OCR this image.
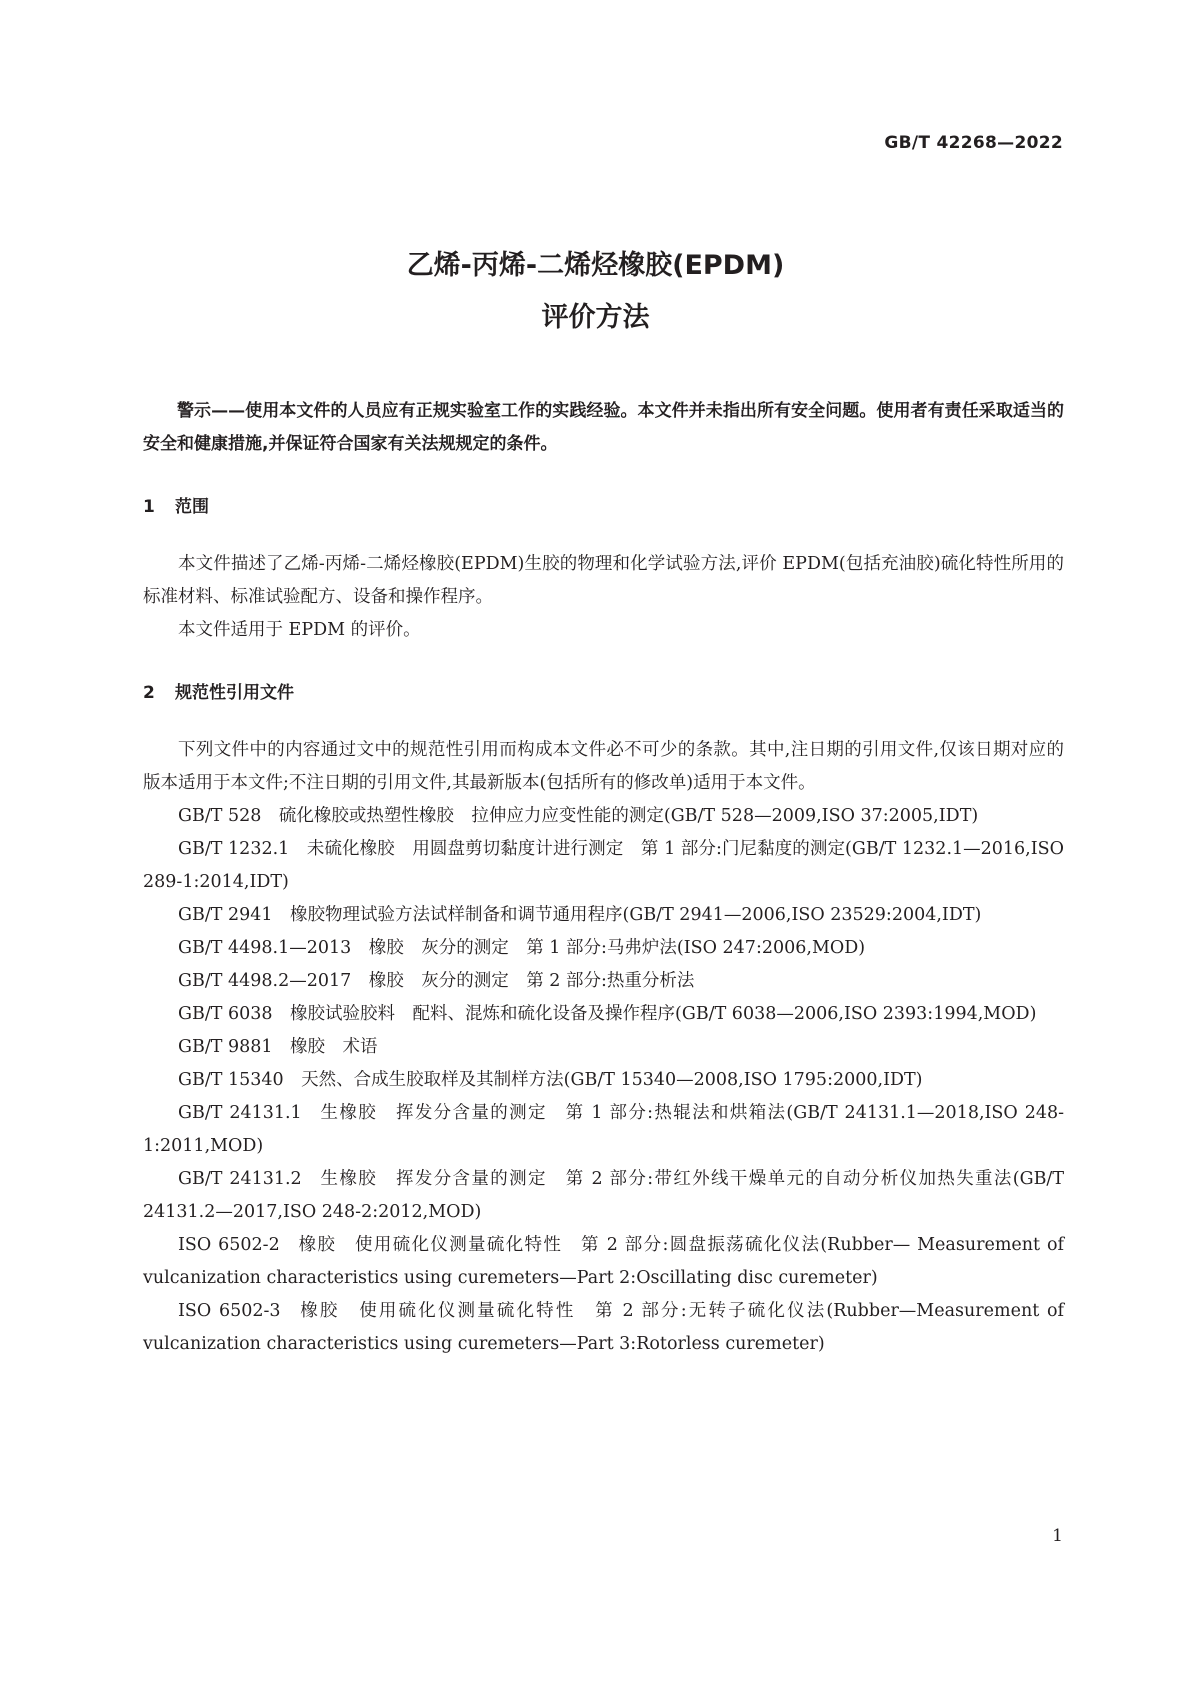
GB/T 42268—2022
乙烯-丙烯-二烯烃橡胶(EPDM)
评价方法
警示——使用本文件的人员应有正规实验室工作的实践经验。本文件并未指出所有安全问题。使用者有责任采取适当的安全和健康措施,并保证符合国家有关法规规定的条件。
1 范围
本文件描述了乙烯-丙烯-二烯烃橡胶(EPDM)生胶的物理和化学试验方法,评价 EPDM(包括充油胶)硫化特性所用的标准材料、标准试验配方、设备和操作程序。
本文件适用于 EPDM 的评价。
2 规范性引用文件
下列文件中的内容通过文中的规范性引用而构成本文件必不可少的条款。其中,注日期的引用文件,仅该日期对应的版本适用于本文件;不注日期的引用文件,其最新版本(包括所有的修改单)适用于本文件。
GB/T 528 硫化橡胶或热塑性橡胶　拉伸应力应变性能的测定(GB/T 528—2009,ISO 37:2005,IDT)
GB/T 1232.1 未硫化橡胶　用圆盘剪切黏度计进行测定　第 1 部分:门尼黏度的测定(GB/T 1232.1—2016,ISO 289-1:2014,IDT)
GB/T 2941 橡胶物理试验方法试样制备和调节通用程序(GB/T 2941—2006,ISO 23529:2004,IDT)
GB/T 4498.1—2013 橡胶　灰分的测定　第 1 部分:马弗炉法(ISO 247:2006,MOD)
GB/T 4498.2—2017 橡胶　灰分的测定　第 2 部分:热重分析法
GB/T 6038 橡胶试验胶料　配料、混炼和硫化设备及操作程序(GB/T 6038—2006,ISO 2393:1994,MOD)
GB/T 9881 橡胶　术语
GB/T 15340 天然、合成生胶取样及其制样方法(GB/T 15340—2008,ISO 1795:2000,IDT)
GB/T 24131.1 生橡胶　挥发分含量的测定　第 1 部分:热辊法和烘箱法(GB/T 24131.1—2018,ISO 248-1:2011,MOD)
GB/T 24131.2 生橡胶　挥发分含量的测定　第 2 部分:带红外线干燥单元的自动分析仪加热失重法(GB/T 24131.2—2017,ISO 248-2:2012,MOD)
ISO 6502-2 橡胶　使用硫化仪测量硫化特性　第 2 部分:圆盘振荡硫化仪法(Rubber— Measurement of vulcanization characteristics using curemeters—Part 2:Oscillating disc curemeter)
ISO 6502-3 橡胶　使用硫化仪测量硫化特性　第 2 部分:无转子硫化仪法(Rubber—Measurement of vulcanization characteristics using curemeters—Part 3:Rotorless curemeter)
1
